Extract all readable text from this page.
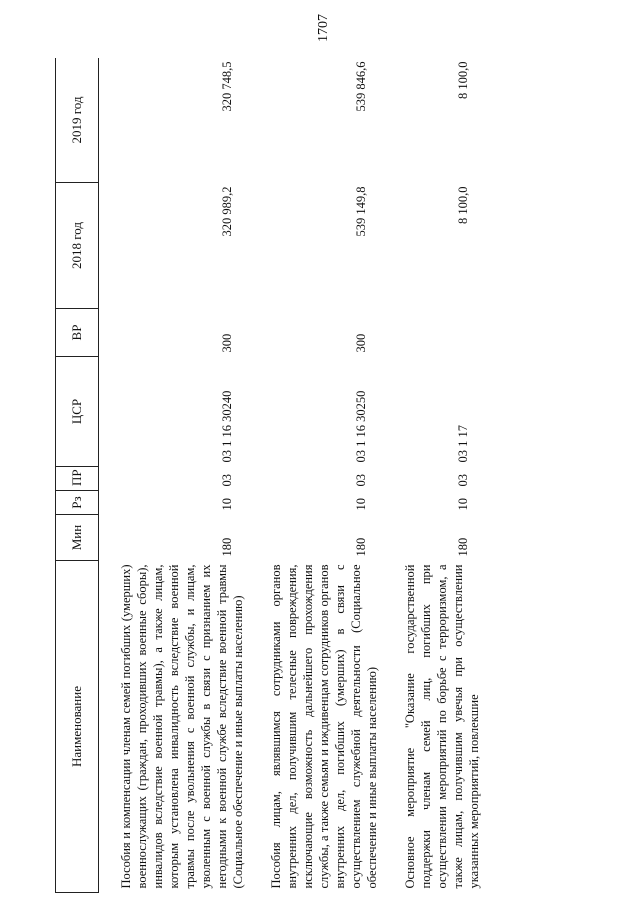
1707
Наименование	Мин	Рз	ПР	ЦСР	ВР	2018 год	2019 год

Пособия и компенсации членам семей погибших (умерших) военнослужащих (граждан, проходивших военные сборы), инвалидов вследствие военной травмы), а также лицам, которым установлена инвалидность вследствие военной травмы после увольнения с военной службы, и лицам, уволенным с военной службы в связи с признанием их негодными к военной службе вследствие военной травмы (Социальное обеспечение и иные выплаты населению)	180	10	03	03 1 16 30240	300	320 989,2	320 748,5

Пособия лицам, являвшимся сотрудниками органов внутренних дел, получившим телесные повреждения, исключающие возможность дальнейшего прохождения службы, а также семьям и иждивенцам сотрудников органов внутренних дел, погибших (умерших) в связи с осуществлением служебной деятельности (Социальное обеспечение и иные выплаты населению)	180	10	03	03 1 16 30250	300	539 149,8	539 846,6

Основное мероприятие "Оказание государственной поддержки членам семей лиц, погибших при осуществлении мероприятий по борьбе с терроризмом, а также лицам, получившим увечья при осуществлении указанных мероприятий, повлекшие	180	10	03	03 1 17		8 100,0	8 100,0
